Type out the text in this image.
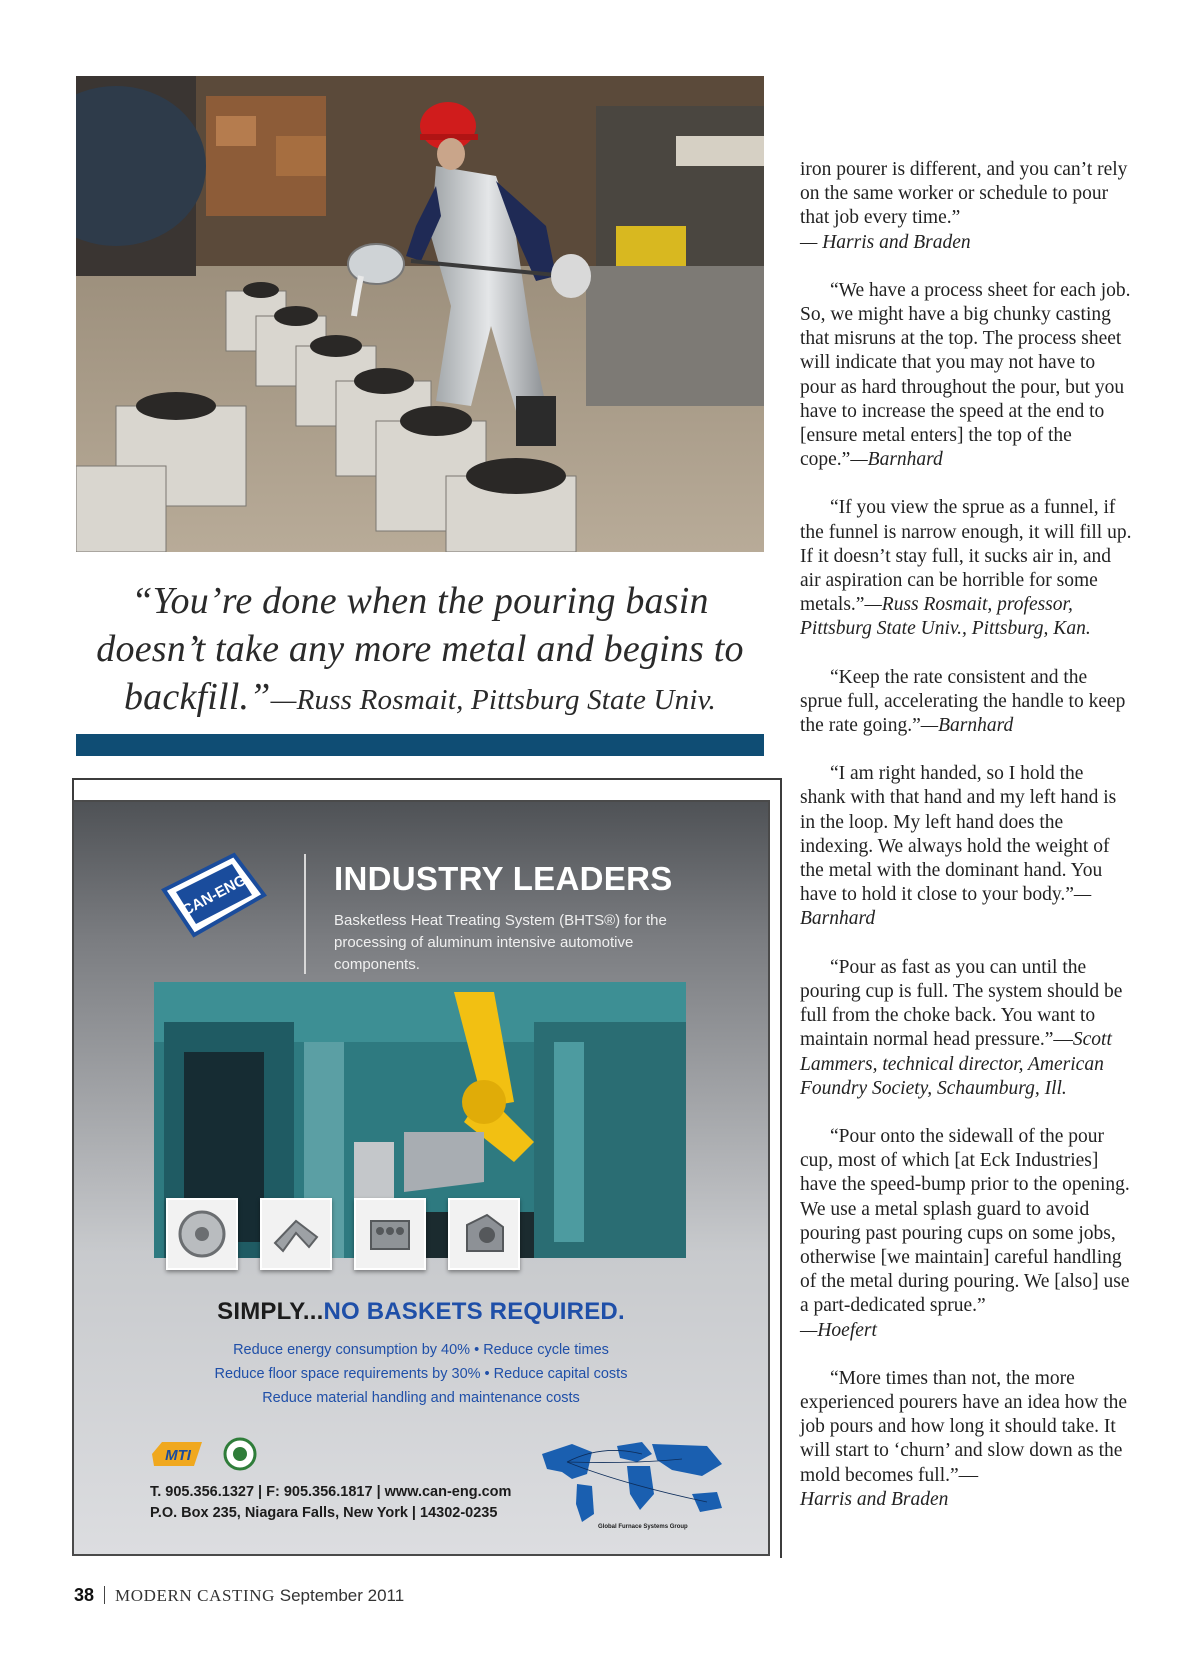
“You’re done when the pouring basin doesn’t take any more metal and begins to backfill.”—Russ Rosmait, Pittsburg State Univ.
CAN-ENG	INDUSTRY LEADERS
Basketless Heat Treating System (BHTS®) for the processing of aluminum intensive automotive components.
SIMPLY...NO BASKETS REQUIRED.
Reduce energy consumption by 40% • Reduce cycle times
Reduce floor space requirements by 30% • Reduce capital costs
Reduce material handling and maintenance costs
MTI
T. 905.356.1327 | F: 905.356.1817 | www.can-eng.com
P.O. Box 235, Niagara Falls, New York | 14302-0235
Global Furnace Systems Group

iron pourer is different, and you can’t rely on the same worker or schedule to pour that job every time.”
— Harris and Braden

“We have a process sheet for each job. So, we might have a big chunky casting that misruns at the top. The process sheet will indicate that you may not have to pour as hard throughout the pour, but you have to increase the speed at the end to [ensure metal enters] the top of the cope.”—Barnhard

“If you view the sprue as a funnel, if the funnel is narrow enough, it will fill up. If it doesn’t stay full, it sucks air in, and air aspiration can be horrible for some metals.”—Russ Rosmait, professor, Pittsburg State Univ., Pittsburg, Kan.

“Keep the rate consistent and the sprue full, accelerating the handle to keep the rate going.”—Barnhard

“I am right handed, so I hold the shank with that hand and my left hand is in the loop. My left hand does the indexing. We always hold the weight of the metal with the dominant hand. You have to hold it close to your body.”—Barnhard

“Pour as fast as you can until the pouring cup is full. The system should be full from the choke back. You want to maintain normal head pressure.”—Scott Lammers, technical director, American Foundry Society, Schaumburg, Ill.

“Pour onto the sidewall of the pour cup, most of which [at Eck Industries] have the speed-bump prior to the opening. We use a metal splash guard to avoid pouring past pouring cups on some jobs, otherwise [we maintain] careful handling of the metal during pouring. We [also] use a part-dedicated sprue.”
—Hoefert

“More times than not, the more experienced pourers have an idea how the job pours and how long it should take. It will start to ‘churn’ and slow down as the mold becomes full.”—
Harris and Braden

38 MODERN CASTING September 2011
